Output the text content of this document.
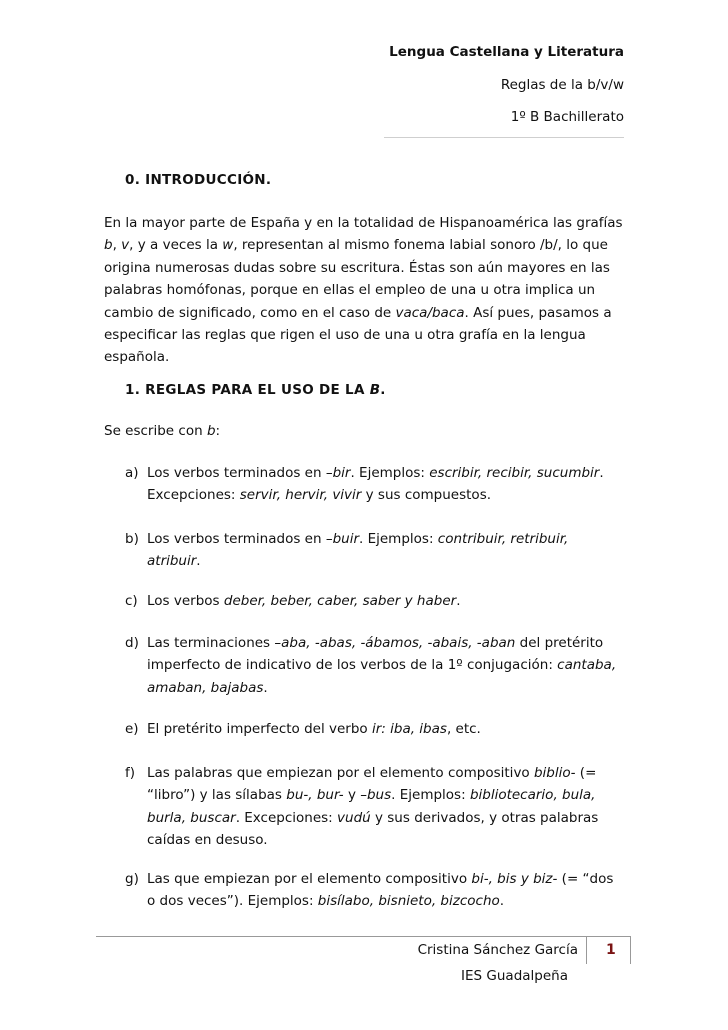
Lengua Castellana y Literatura
Reglas de la b/v/w
1º B Bachillerato
0. INTRODUCCIÓN.
En la mayor parte de España y en la totalidad de Hispanoamérica las grafías b, v, y a veces la w, representan al mismo fonema labial sonoro /b/, lo que origina numerosas dudas sobre su escritura. Éstas son aún mayores en las palabras homófonas, porque en ellas el empleo de una u otra implica un cambio de significado, como en el caso de vaca/baca. Así pues, pasamos a especificar las reglas que rigen el uso de una u otra grafía en la lengua española.
1. REGLAS PARA EL USO DE LA B.
Se escribe con b:
a) Los verbos terminados en –bir. Ejemplos: escribir, recibir, sucumbir. Excepciones: servir, hervir, vivir y sus compuestos.
b) Los verbos terminados en –buir. Ejemplos: contribuir, retribuir, atribuir.
c) Los verbos deber, beber, caber, saber y haber.
d) Las terminaciones –aba, -abas, -ábamos, -abais, -aban del pretérito imperfecto de indicativo de los verbos de la 1º conjugación: cantaba, amaban, bajabas.
e) El pretérito imperfecto del verbo ir: iba, ibas, etc.
f) Las palabras que empiezan por el elemento compositivo biblio- (= “libro”) y las sílabas bu-, bur- y –bus. Ejemplos: bibliotecario, bula, burla, buscar. Excepciones: vudú y sus derivados, y otras palabras caídas en desuso.
g) Las que empiezan por el elemento compositivo bi-, bis y biz- (= “dos o dos veces”). Ejemplos: bisílabo, bisnieto, bizcocho.
Cristina Sánchez García 1
IES Guadalpeña
